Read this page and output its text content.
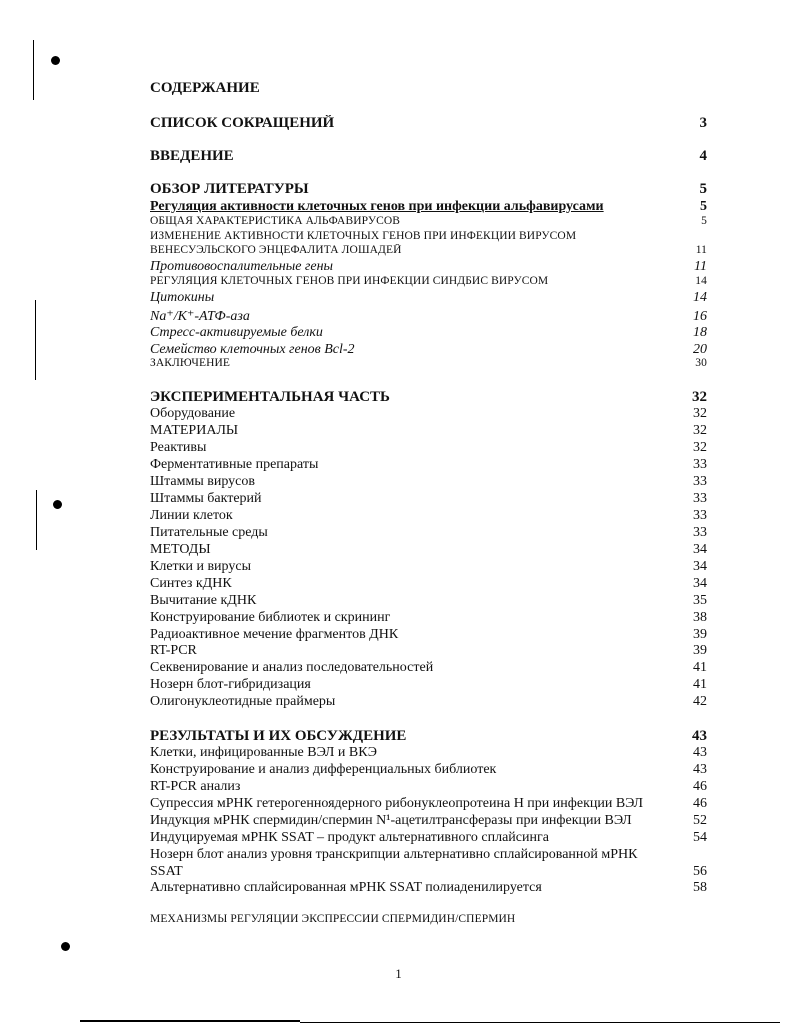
СОДЕРЖАНИЕ
СПИСОК СОКРАЩЕНИЙ	3
ВВЕДЕНИЕ	4
ОБЗОР ЛИТЕРАТУРЫ	5
Регуляция активности клеточных генов при инфекции альфавирусами	5
ОБЩАЯ ХАРАКТЕРИСТИКА АЛЬФАВИРУСОВ	5
ИЗМЕНЕНИЕ АКТИВНОСТИ КЛЕТОЧНЫХ ГЕНОВ ПРИ ИНФЕКЦИИ ВИРУСОМ
ВЕНЕСУЭЛЬСКОГО ЭНЦЕФАЛИТА ЛОШАДЕЙ	11
Противовоспалительные гены	11
РЕГУЛЯЦИЯ КЛЕТОЧНЫХ ГЕНОВ ПРИ ИНФЕКЦИИ СИНДБИС ВИРУСОМ	14
Цитокины	14
Na⁺/K⁺-АТФ-аза	16
Стресс-активируемые белки	18
Семейство клеточных генов Bcl-2	20
ЗАКЛЮЧЕНИЕ	30
ЭКСПЕРИМЕНТАЛЬНАЯ ЧАСТЬ	32
Оборудование	32
МАТЕРИАЛЫ	32
Реактивы	32
Ферментативные препараты	33
Штаммы вирусов	33
Штаммы бактерий	33
Линии клеток	33
Питательные среды	33
МЕТОДЫ	34
Клетки и вирусы	34
Синтез кДНК	34
Вычитание кДНК	35
Конструирование библиотек и скрининг	38
Радиоактивное мечение фрагментов ДНК	39
RT-PCR	39
Секвенирование и анализ последовательностей	41
Нозерн блот-гибридизация	41
Олигонуклеотидные праймеры	42
РЕЗУЛЬТАТЫ И ИХ ОБСУЖДЕНИЕ	43
Клетки, инфицированные ВЭЛ и ВКЭ	43
Конструирование и анализ дифференциальных библиотек	43
RT-PCR анализ	46
Супрессия мРНК гетерогенноядерного рибонуклеопротеина Н при инфекции ВЭЛ	46
Индукция мРНК спермидин/спермин N¹-ацетилтрансферазы при инфекции ВЭЛ	52
Индуцируемая мРНК SSAT – продукт альтернативного сплайсинга	54
Нозерн блот анализ уровня транскрипции альтернативно сплайсированной мРНК
SSAT	56
Альтернативно сплайсированная мРНК SSAT полиаденилируется	58
МЕХАНИЗМЫ РЕГУЛЯЦИИ ЭКСПРЕССИИ СПЕРМИДИН/СПЕРМИН
1
